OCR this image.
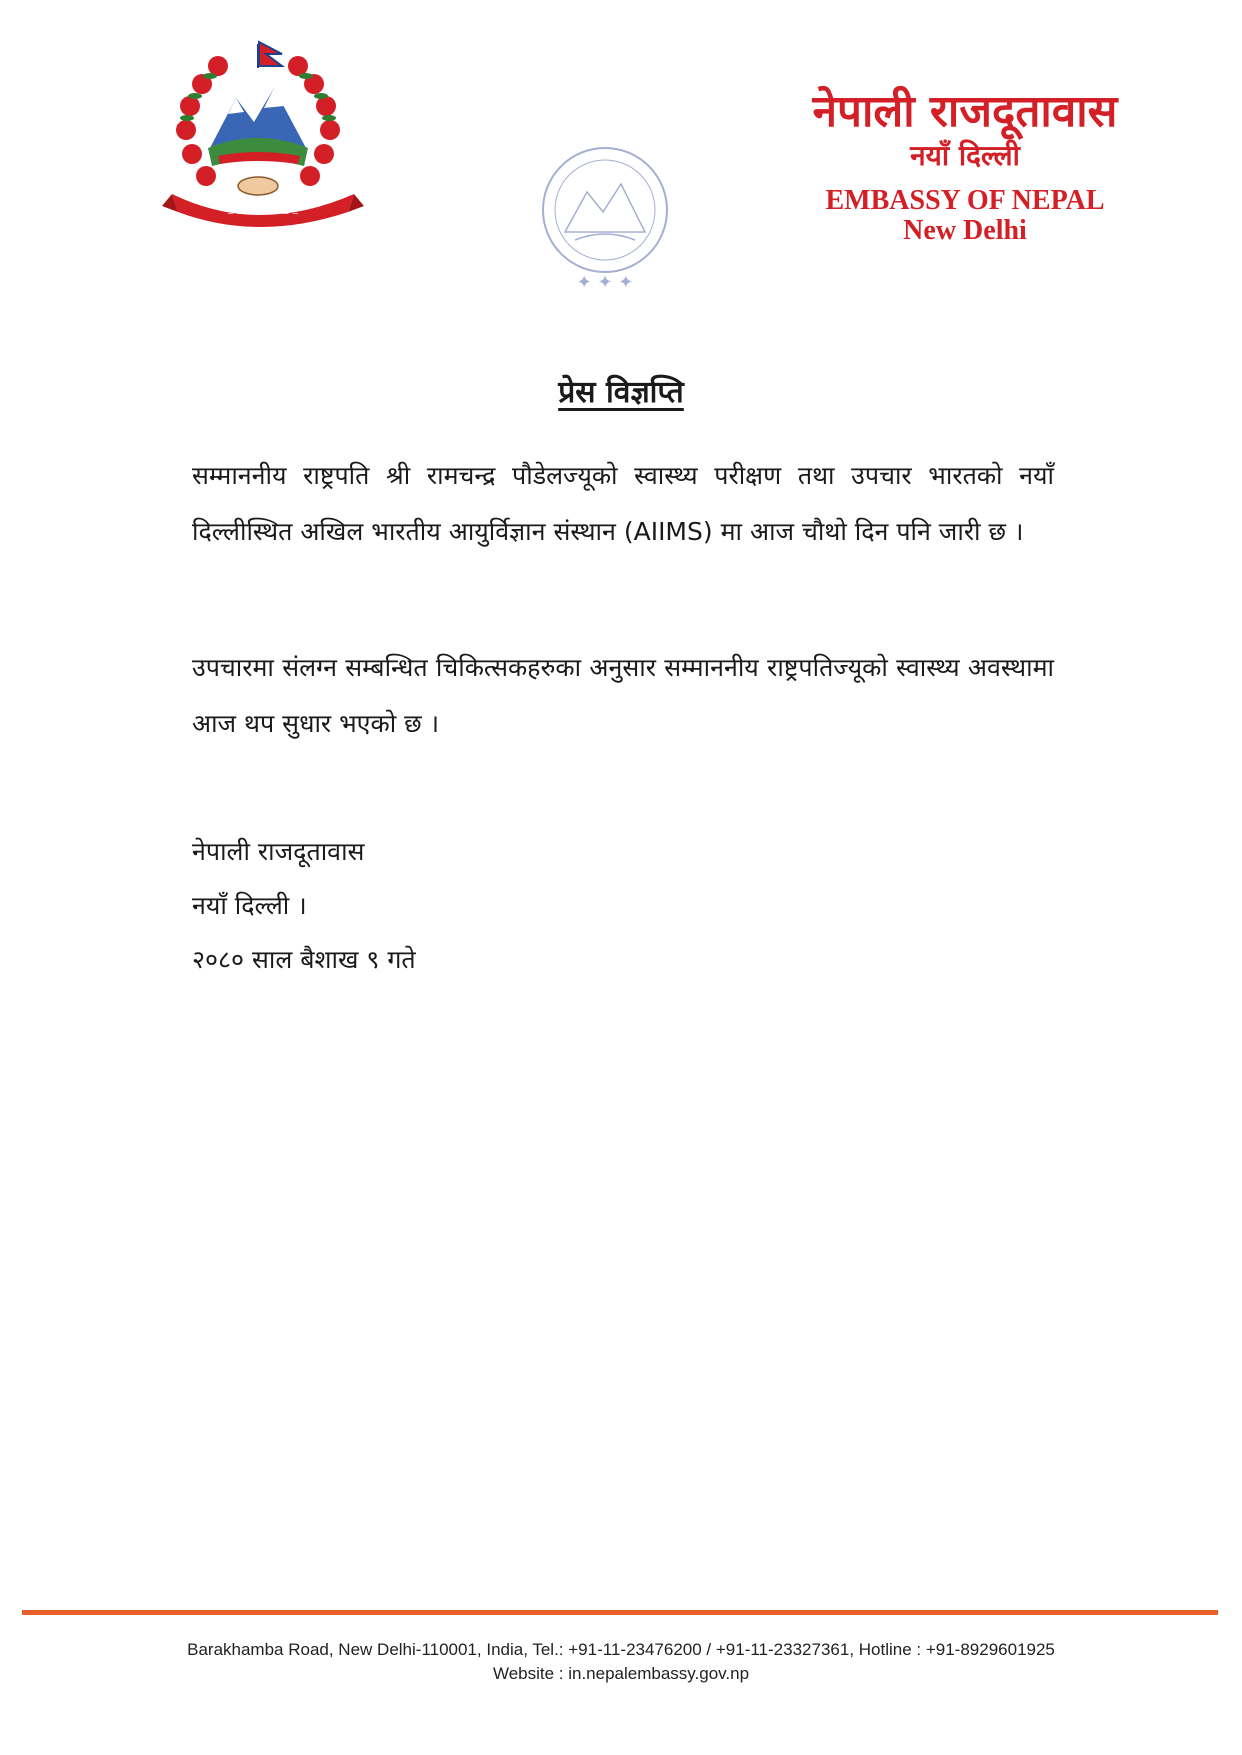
~ ~ ~ ~ ~ ~ ~ ~
✦ ✦ ✦
नेपाली राजदूतावास
नयाँ दिल्ली
EMBASSY OF NEPAL
New Delhi
प्रेस विज्ञप्ति
सम्माननीय राष्ट्रपति श्री रामचन्द्र पौडेलज्यूको स्वास्थ्य परीक्षण तथा उपचार भारतको नयाँ दिल्लीस्थित अखिल भारतीय आयुर्विज्ञान संस्थान (AIIMS) मा आज चौथो दिन पनि जारी छ ।
उपचारमा संलग्न सम्बन्धित चिकित्सकहरुका अनुसार सम्माननीय राष्ट्रपतिज्यूको स्वास्थ्य अवस्थामा आज थप सुधार भएको छ ।
नेपाली राजदूतावास
नयाँ दिल्ली ।
२०८० साल बैशाख ९ गते
Barakhamba Road, New Delhi-110001, India, Tel.: +91-11-23476200 / +91-11-23327361, Hotline : +91-8929601925
Website : in.nepalembassy.gov.np
